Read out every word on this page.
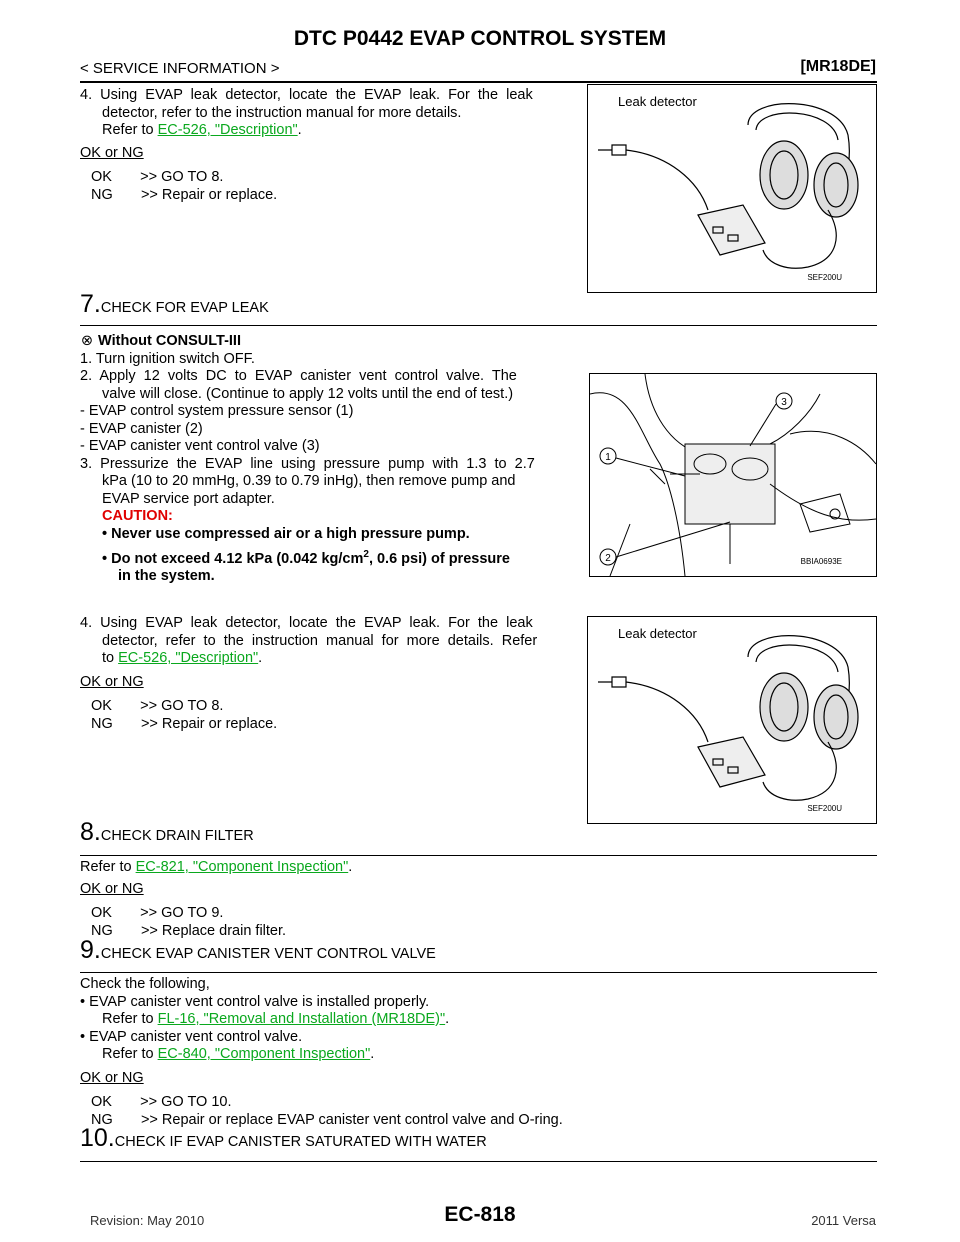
DTC P0442 EVAP CONTROL SYSTEM
< SERVICE INFORMATION >	[MR18DE]
4.  Using  EVAP  leak  detector,  locate  the  EVAP  leak.  For  the  leak
detector, refer to the instruction manual for more details.
Refer to EC-526, "Description".
OK or NG
OK       >> GO TO 8.
NG       >> Repair or replace.
Leak detector
SEF200U
7.CHECK FOR EVAP LEAK
⊗ Without CONSULT-III
1. Turn ignition switch OFF.
2.  Apply  12  volts  DC  to  EVAP  canister  vent  control  valve.  The
valve will close. (Continue to apply 12 volts until the end of test.)
- EVAP control system pressure sensor (1)
- EVAP canister (2)
- EVAP canister vent control valve (3)
3.  Pressurize  the  EVAP  line  using  pressure  pump  with  1.3  to  2.7
kPa (10 to 20 mmHg, 0.39 to 0.79 inHg), then remove pump and
EVAP service port adapter.
CAUTION:
• Never use compressed air or a high pressure pump.
• Do not exceed 4.12 kPa (0.042 $kg/cm^2$, 0.6 psi) of pressure
in the system.
1
2
3
BBIA0693E
4.  Using  EVAP  leak  detector,  locate  the  EVAP  leak.  For  the  leak
detector,  refer  to  the  instruction  manual  for  more  details.  Refer
to EC-526, "Description".
OK or NG
OK       >> GO TO 8.
NG       >> Repair or replace.
Leak detector
SEF200U
8.CHECK DRAIN FILTER
Refer to EC-821, "Component Inspection".
OK or NG
OK       >> GO TO 9.
NG       >> Replace drain filter.
9.CHECK EVAP CANISTER VENT CONTROL VALVE
Check the following,
• EVAP canister vent control valve is installed properly.
Refer to FL-16, "Removal and Installation (MR18DE)".
• EVAP canister vent control valve.
Refer to EC-840, "Component Inspection".
OK or NG
OK       >> GO TO 10.
NG       >> Repair or replace EVAP canister vent control valve and O-ring.
10.CHECK IF EVAP CANISTER SATURATED WITH WATER
Revision: May 2010	EC-818	2011 Versa
